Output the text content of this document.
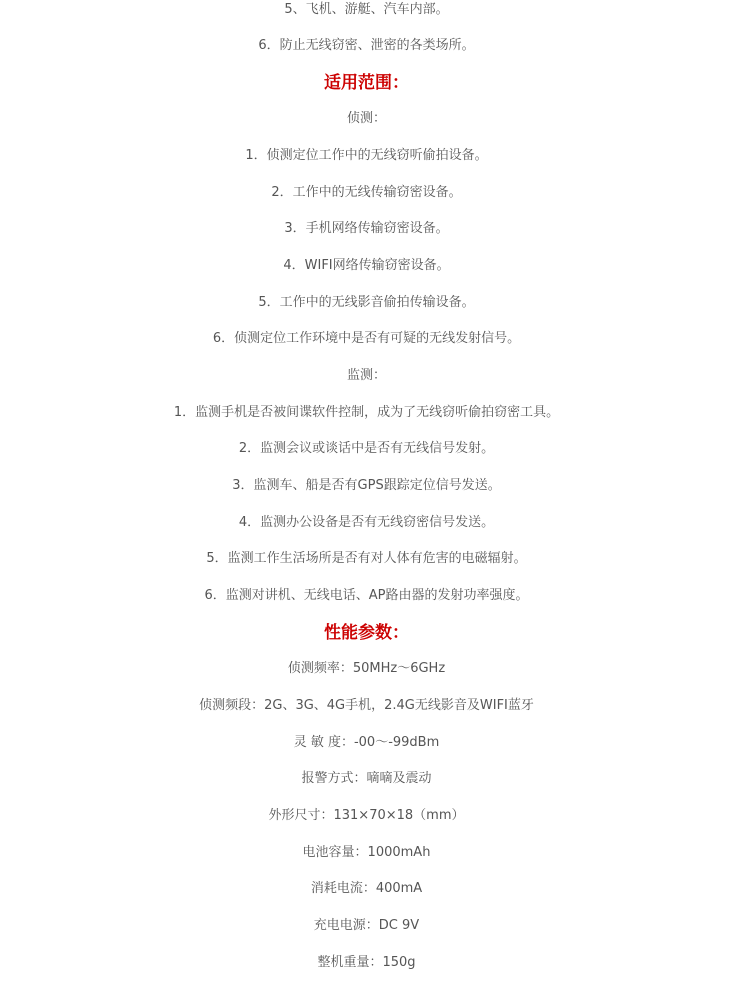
5、飞机、游艇、汽车内部。
6．防止无线窃密、泄密的各类场所。
适用范围：
侦测：
1．侦测定位工作中的无线窃听偷拍设备。
2．工作中的无线传输窃密设备。
3．手机网络传输窃密设备。
4．WIFI网络传输窃密设备。
5．工作中的无线影音偷拍传输设备。
6．侦测定位工作环境中是否有可疑的无线发射信号。
监测：
1．监测手机是否被间谍软件控制，成为了无线窃听偷拍窃密工具。
2．监测会议或谈话中是否有无线信号发射。
3．监测车、船是否有GPS跟踪定位信号发送。
4．监测办公设备是否有无线窃密信号发送。
5．监测工作生活场所是否有对人体有危害的电磁辐射。
6．监测对讲机、无线电话、AP路由器的发射功率强度。
性能参数：
侦测频率：50MHz～6GHz
侦测频段：2G、3G、4G手机，2.4G无线影音及WIFI蓝牙
灵 敏 度：-00～-99dBm
报警方式：嘀嘀及震动
外形尺寸：131×70×18（mm）
电池容量：1000mAh
消耗电流：400mA
充电电源：DC 9V
整机重量：150g
